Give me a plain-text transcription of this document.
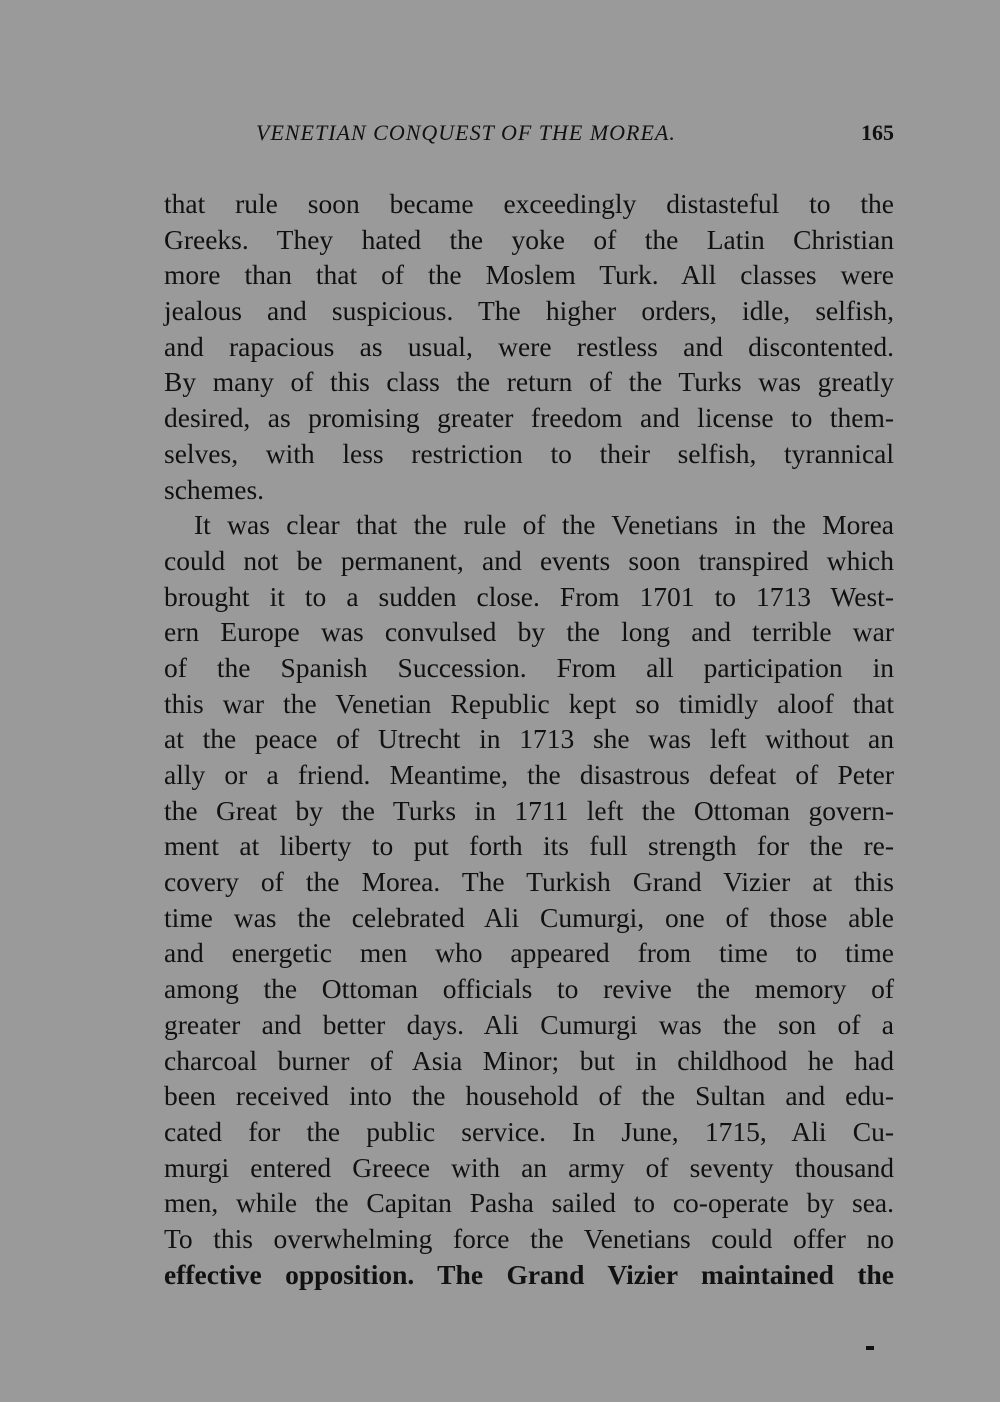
VENETIAN CONQUEST OF THE MOREA.	165
that rule soon became exceedingly distasteful to the
Greeks. They hated the yoke of the Latin Christian
more than that of the Moslem Turk. All classes were
jealous and suspicious. The higher orders, idle, selfish,
and rapacious as usual, were restless and discontented.
By many of this class the return of the Turks was greatly
desired, as promising greater freedom and license to them-
selves, with less restriction to their selfish, tyrannical
schemes.
It was clear that the rule of the Venetians in the Morea
could not be permanent, and events soon transpired which
brought it to a sudden close. From 1701 to 1713 West-
ern Europe was convulsed by the long and terrible war
of the Spanish Succession. From all participation in
this war the Venetian Republic kept so timidly aloof that
at the peace of Utrecht in 1713 she was left without an
ally or a friend. Meantime, the disastrous defeat of Peter
the Great by the Turks in 1711 left the Ottoman govern-
ment at liberty to put forth its full strength for the re-
covery of the Morea. The Turkish Grand Vizier at this
time was the celebrated Ali Cumurgi, one of those able
and energetic men who appeared from time to time
among the Ottoman officials to revive the memory of
greater and better days. Ali Cumurgi was the son of a
charcoal burner of Asia Minor; but in childhood he had
been received into the household of the Sultan and edu-
cated for the public service. In June, 1715, Ali Cu-
murgi entered Greece with an army of seventy thousand
men, while the Capitan Pasha sailed to co-operate by sea.
To this overwhelming force the Venetians could offer no
effective opposition. The Grand Vizier maintained the
